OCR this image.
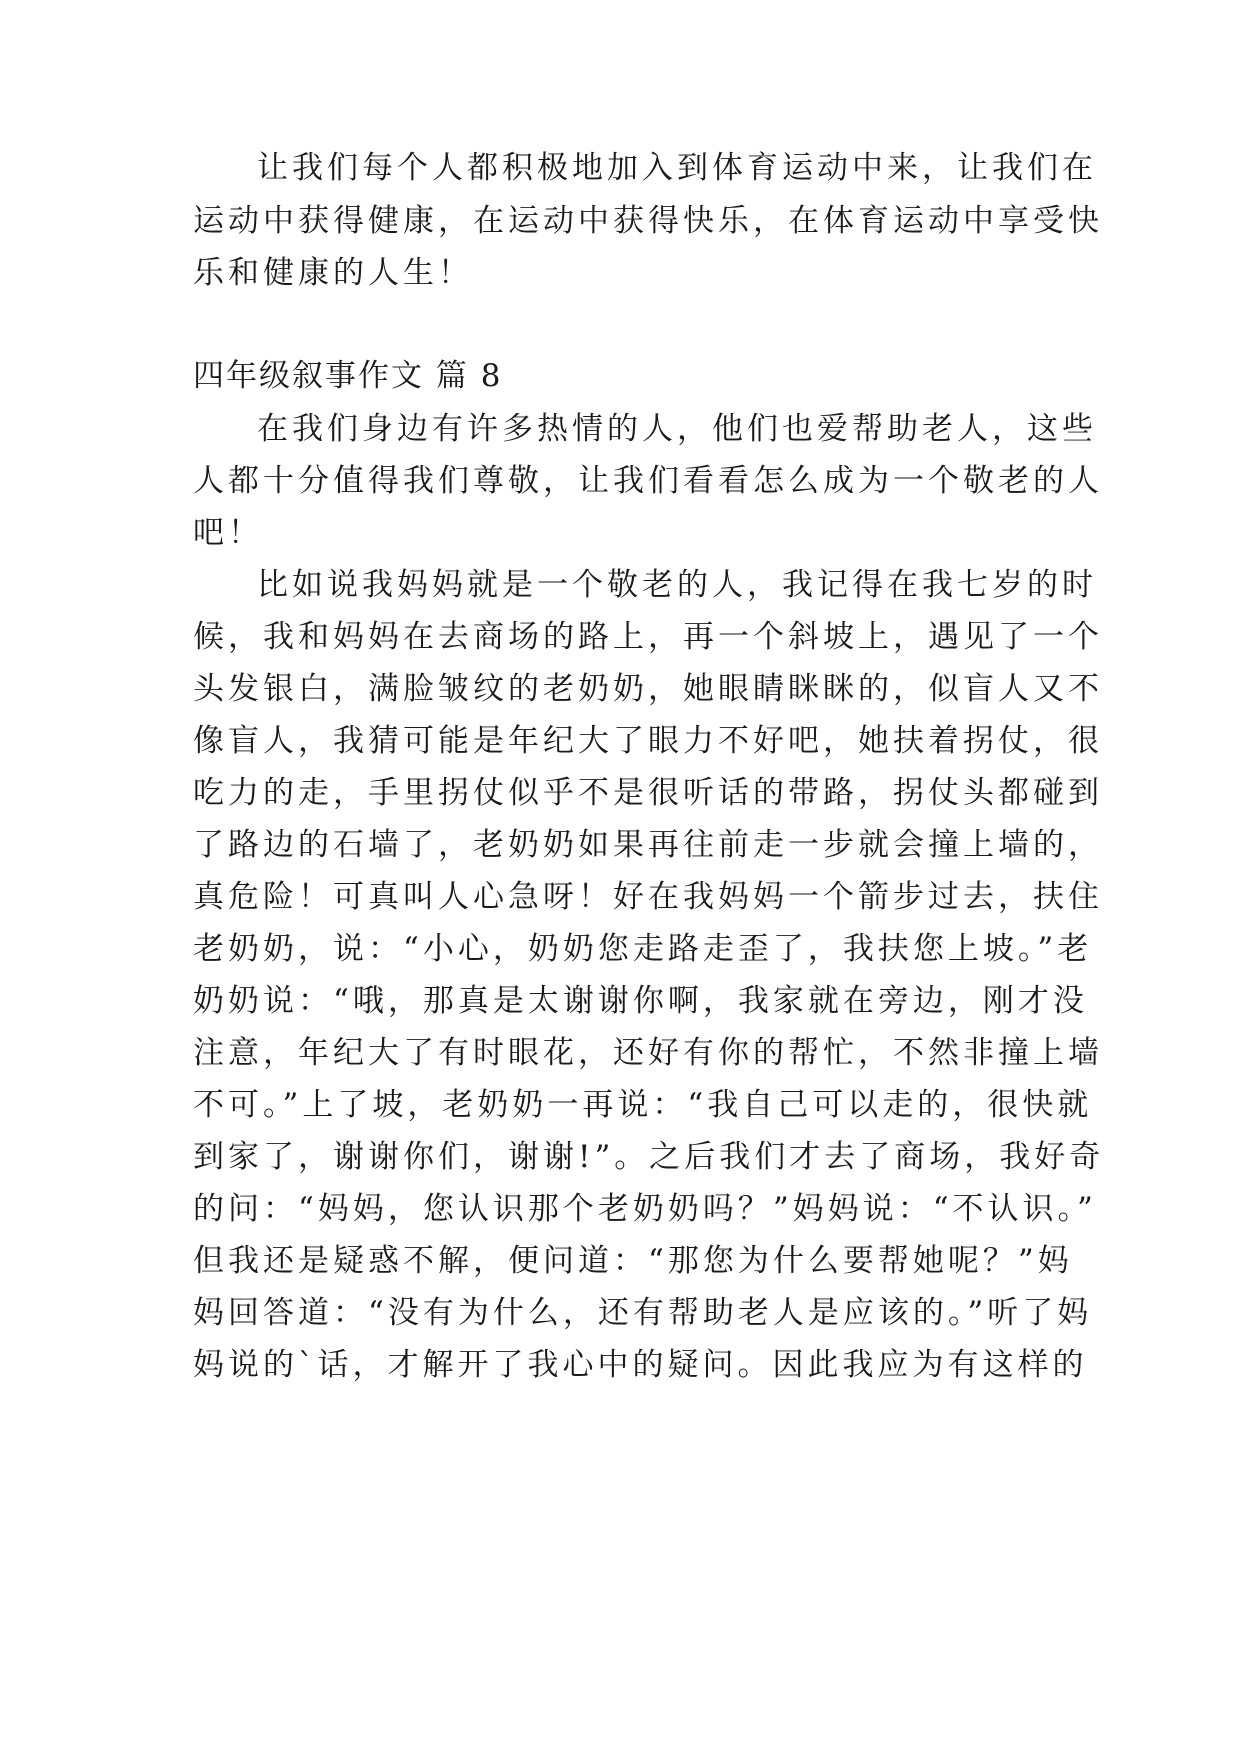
让我们每个人都积极地加入到体育运动中来，让我们在
运动中获得健康，在运动中获得快乐，在体育运动中享受快
乐和健康的人生！
四年级叙事作文 篇 8
在我们身边有许多热情的人，他们也爱帮助老人，这些
人都十分值得我们尊敬，让我们看看怎么成为一个敬老的人
吧！
比如说我妈妈就是一个敬老的人，我记得在我七岁的时
候，我和妈妈在去商场的路上，再一个斜坡上，遇见了一个
头发银白，满脸皱纹的老奶奶，她眼睛眯眯的，似盲人又不
像盲人，我猜可能是年纪大了眼力不好吧，她扶着拐仗，很
吃力的走，手里拐仗似乎不是很听话的带路，拐仗头都碰到
了路边的石墙了，老奶奶如果再往前走一步就会撞上墙的，
真危险！可真叫人心急呀！好在我妈妈一个箭步过去，扶住
老奶奶，说：“小心，奶奶您走路走歪了，我扶您上坡。”老
奶奶说：“哦，那真是太谢谢你啊，我家就在旁边，刚才没
注意，年纪大了有时眼花，还好有你的帮忙，不然非撞上墙
不可。”上了坡，老奶奶一再说：“我自己可以走的，很快就
到家了，谢谢你们，谢谢!”。之后我们才去了商场，我好奇
的问：“妈妈，您认识那个老奶奶吗？”妈妈说：“不认识。”
但我还是疑惑不解，便问道：“那您为什么要帮她呢？”妈
妈回答道：“没有为什么，还有帮助老人是应该的。”听了妈
妈说的`话，才解开了我心中的疑问。因此我应为有这样的
